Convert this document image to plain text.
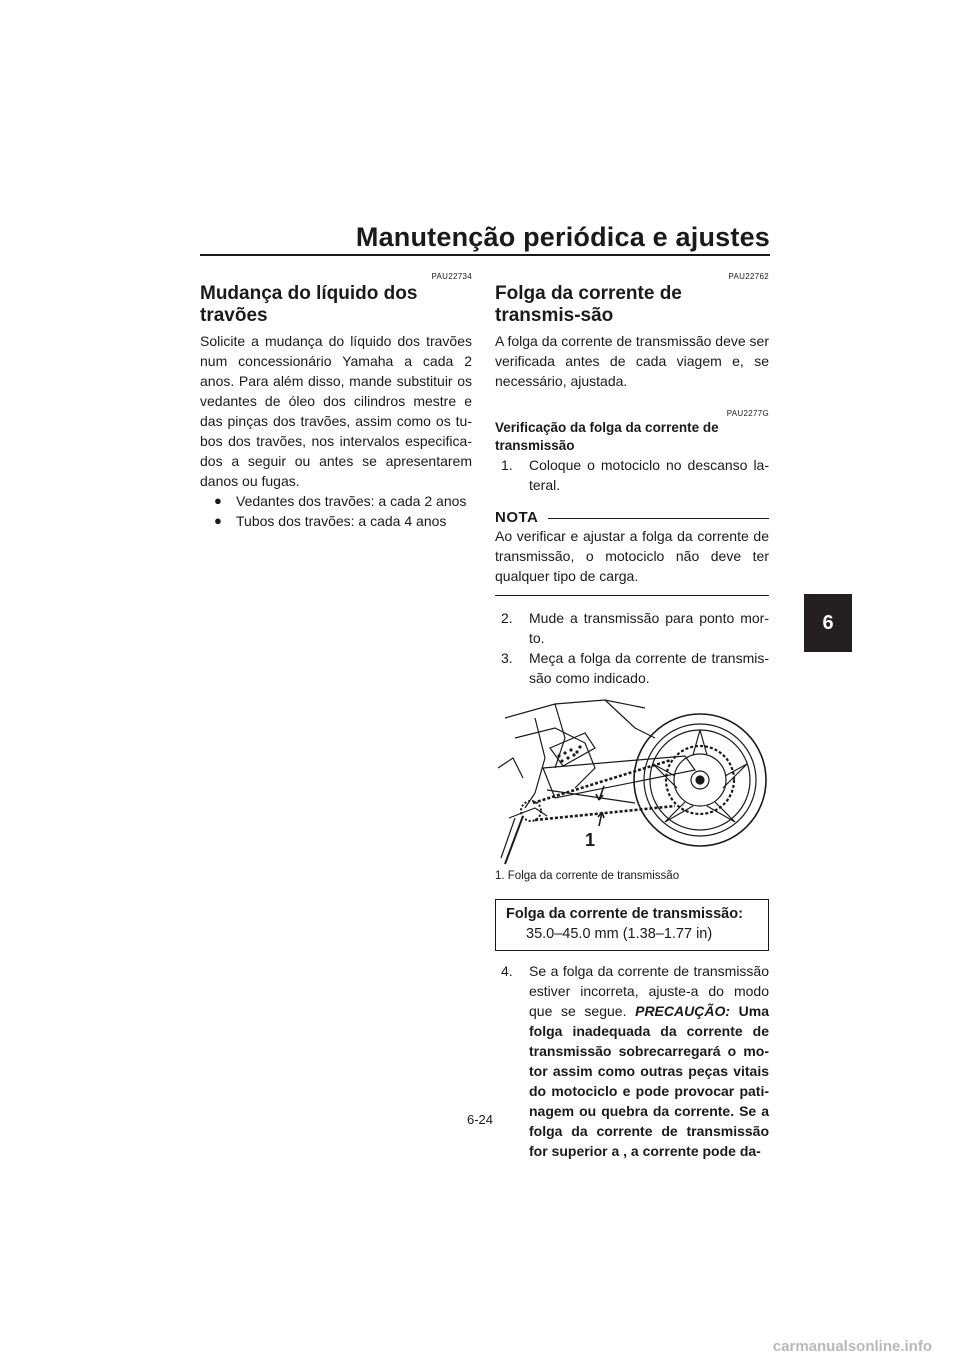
Manutenção periódica e ajustes
6
PAU22734
Mudança do líquido dos travões

Solicite a mudança do líquido dos travões num concessionário Yamaha a cada 2 anos. Para além disso, mande substituir os vedantes de óleo dos cilindros mestre e das pinças dos travões, assim como os tu-bos dos travões, nos intervalos especifica-dos a seguir ou antes se apresentarem danos ou fugas.

● Vedantes dos travões: a cada 2 anos
● Tubos dos travões: a cada 4 anos
PAU22762
Folga da corrente de transmis-são

A folga da corrente de transmissão deve ser verificada antes de cada viagem e, se necessário, ajustada.

PAU2277G
Verificação da folga da corrente de transmissão
1. Coloque o motociclo no descanso la-teral.
NOTA

Ao verificar e ajustar a folga da corrente de transmissão, o motociclo não deve ter qualquer tipo de carga.

2. Mude a transmissão para ponto mor-to.
3. Meça a folga da corrente de transmis-são como indicado.
1
1. Folga da corrente de transmissão
Folga da corrente de transmissão:
35.0–45.0 mm (1.38–1.77 in)
4. Se a folga da corrente de transmissão estiver incorreta, ajuste-a do modo que se segue. PRECAUÇÃO: Uma folga inadequada da corrente de transmissão sobrecarregará o mo-tor assim como outras peças vitais do motociclo e pode provocar pati-nagem ou quebra da corrente. Se a folga da corrente de transmissão for superior a , a corrente pode da-
6-24
carmanualsonline.info
